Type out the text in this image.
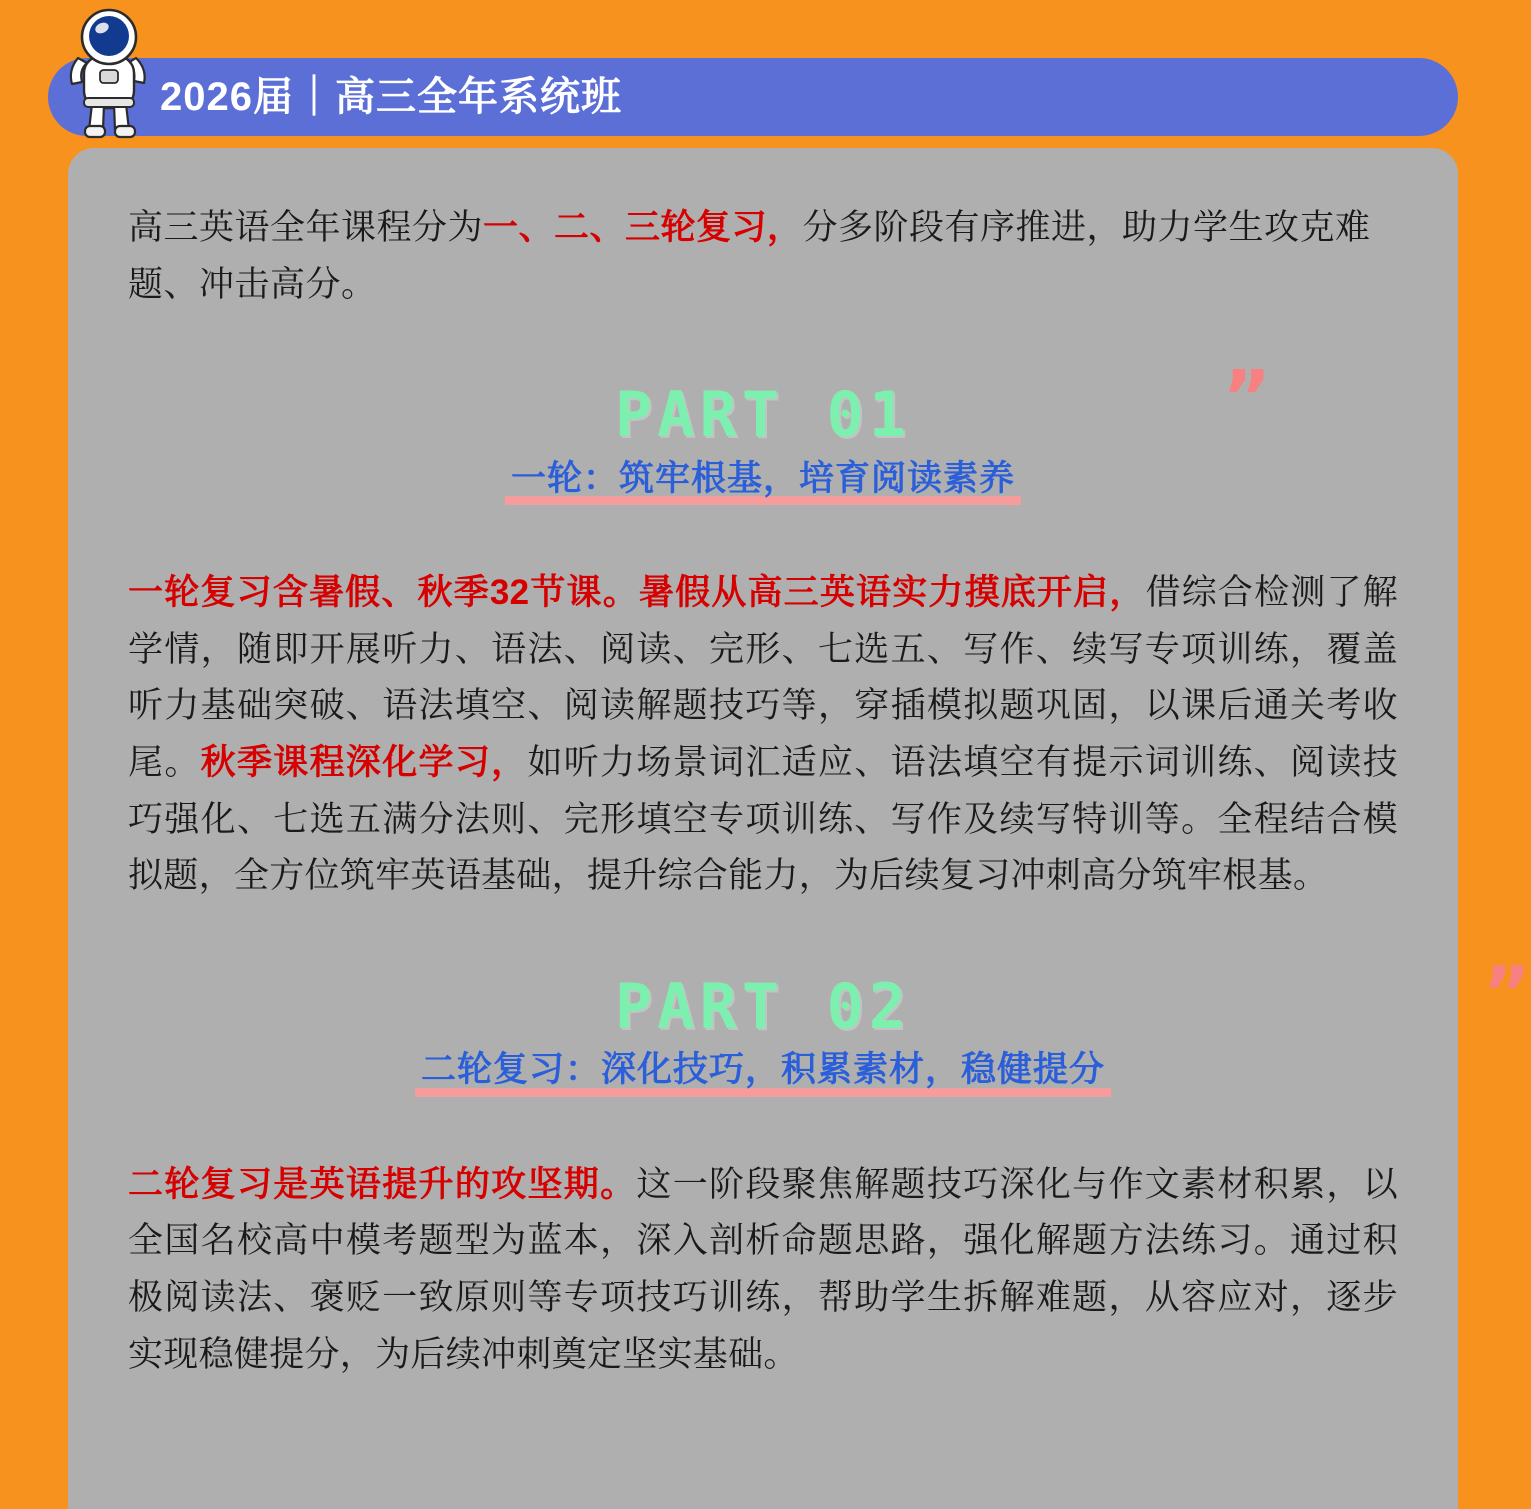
2026届｜高三全年系统班

高三英语全年课程分为一、二、三轮复习，分多阶段有序推进，助力学生攻克难题、冲击高分。

PART 01
一轮：筑牢根基，培育阅读素养
”

一轮复习含暑假、秋季32节课。暑假从高三英语实力摸底开启，借综合检测了解学情，随即开展听力、语法、阅读、完形、七选五、写作、续写专项训练，覆盖听力基础突破、语法填空、阅读解题技巧等，穿插模拟题巩固，以课后通关考收尾。秋季课程深化学习，如听力场景词汇适应、语法填空有提示词训练、阅读技巧强化、七选五满分法则、完形填空专项训练、写作及续写特训等。全程结合模拟题，全方位筑牢英语基础，提升综合能力，为后续复习冲刺高分筑牢根基。

PART 02
二轮复习：深化技巧，积累素材，稳健提分
”

二轮复习是英语提升的攻坚期。这一阶段聚焦解题技巧深化与作文素材积累，以全国名校高中模考题型为蓝本，深入剖析命题思路，强化解题方法练习。通过积极阅读法、褒贬一致原则等专项技巧训练，帮助学生拆解难题，从容应对，逐步实现稳健提分，为后续冲刺奠定坚实基础。
